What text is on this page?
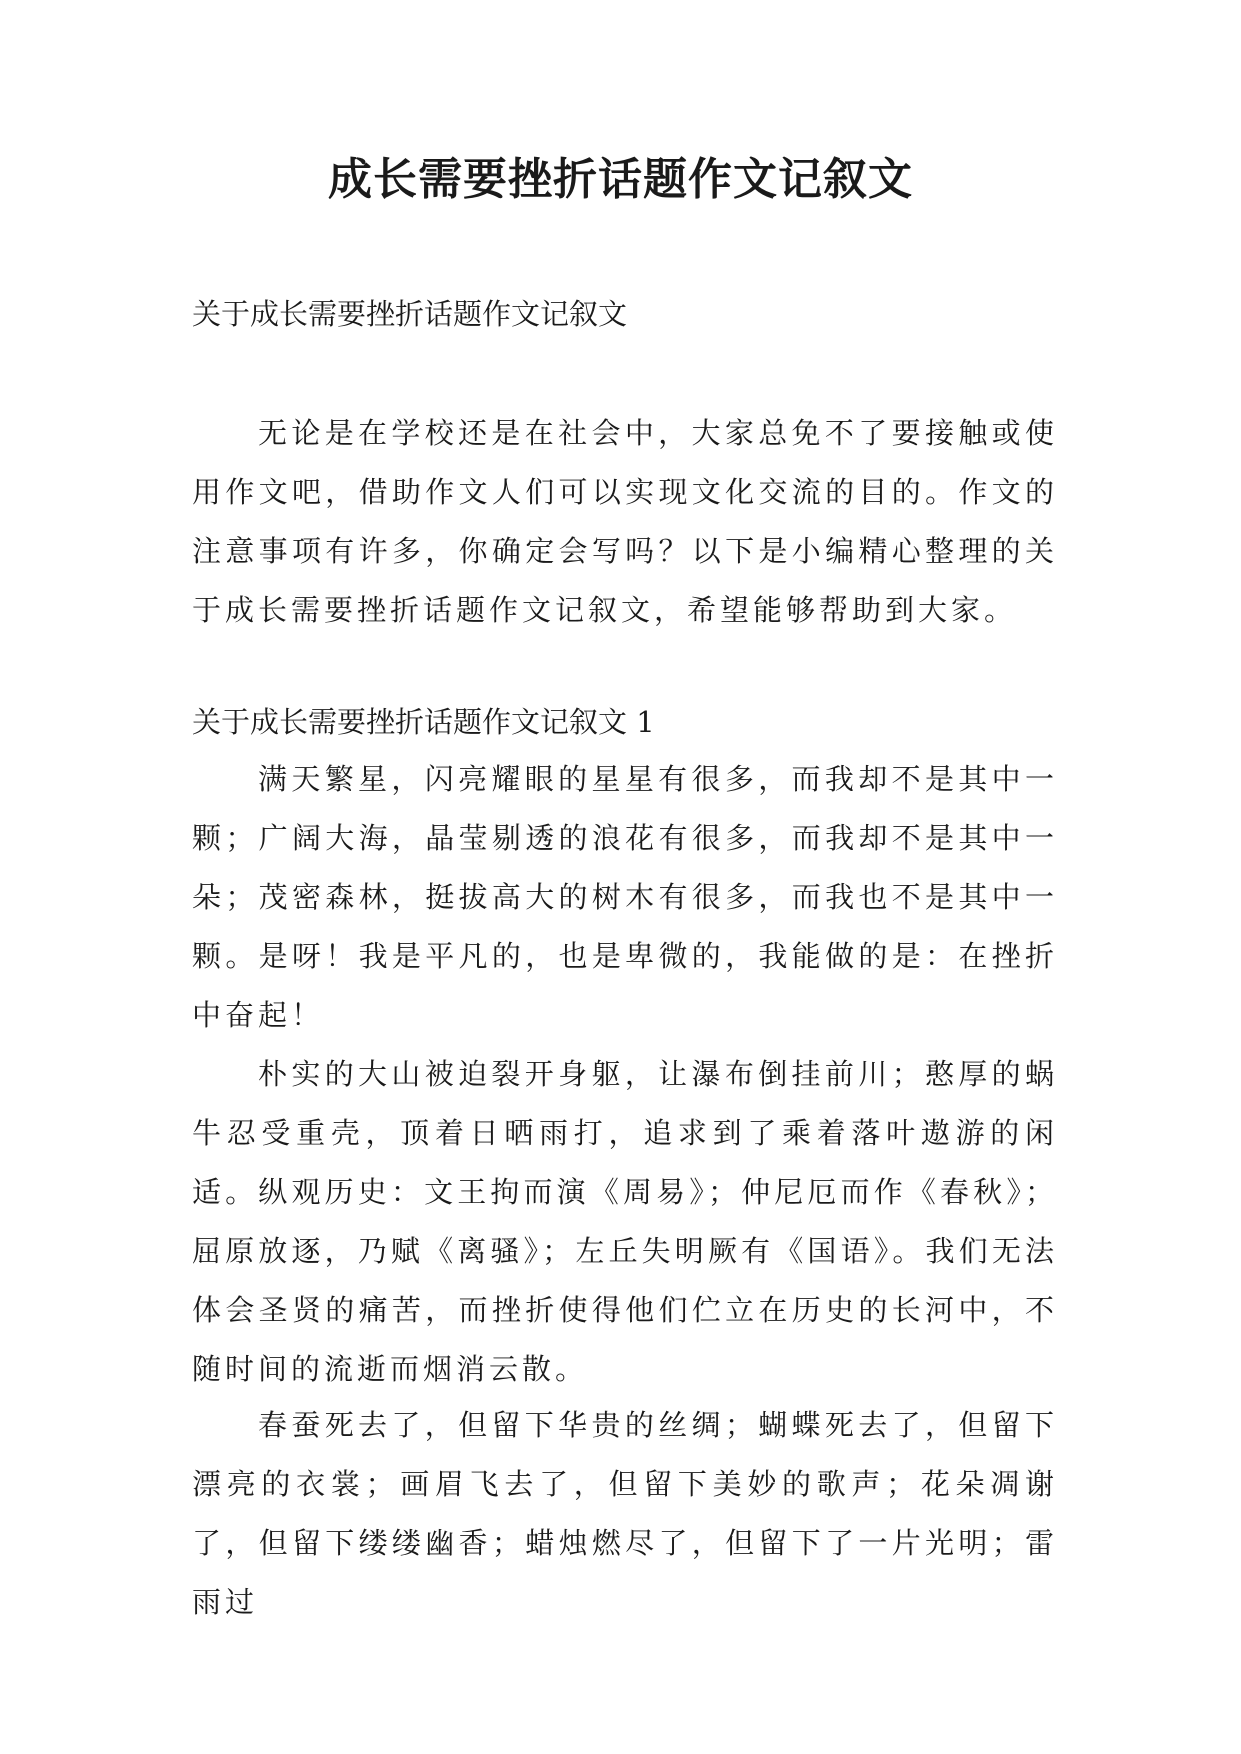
成长需要挫折话题作文记叙文

关于成长需要挫折话题作文记叙文

无论是在学校还是在社会中，大家总免不了要接触或使用作文吧，借助作文人们可以实现文化交流的目的。作文的注意事项有许多，你确定会写吗？以下是小编精心整理的关于成长需要挫折话题作文记叙文，希望能够帮助到大家。

关于成长需要挫折话题作文记叙文 1

满天繁星，闪亮耀眼的星星有很多，而我却不是其中一颗；广阔大海，晶莹剔透的浪花有很多，而我却不是其中一朵；茂密森林，挺拔高大的树木有很多，而我也不是其中一颗。是呀！我是平凡的，也是卑微的，我能做的是：在挫折中奋起！

朴实的大山被迫裂开身躯，让瀑布倒挂前川；憨厚的蜗牛忍受重壳，顶着日晒雨打，追求到了乘着落叶遨游的闲适。纵观历史：文王拘而演《周易》；仲尼厄而作《春秋》；屈原放逐，乃赋《离骚》；左丘失明厥有《国语》。我们无法体会圣贤的痛苦，而挫折使得他们伫立在历史的长河中，不随时间的流逝而烟消云散。

春蚕死去了，但留下华贵的丝绸；蝴蝶死去了，但留下漂亮的衣裳；画眉飞去了，但留下美妙的歌声；花朵凋谢了，但留下缕缕幽香；蜡烛燃尽了，但留下了一片光明；雷雨过
